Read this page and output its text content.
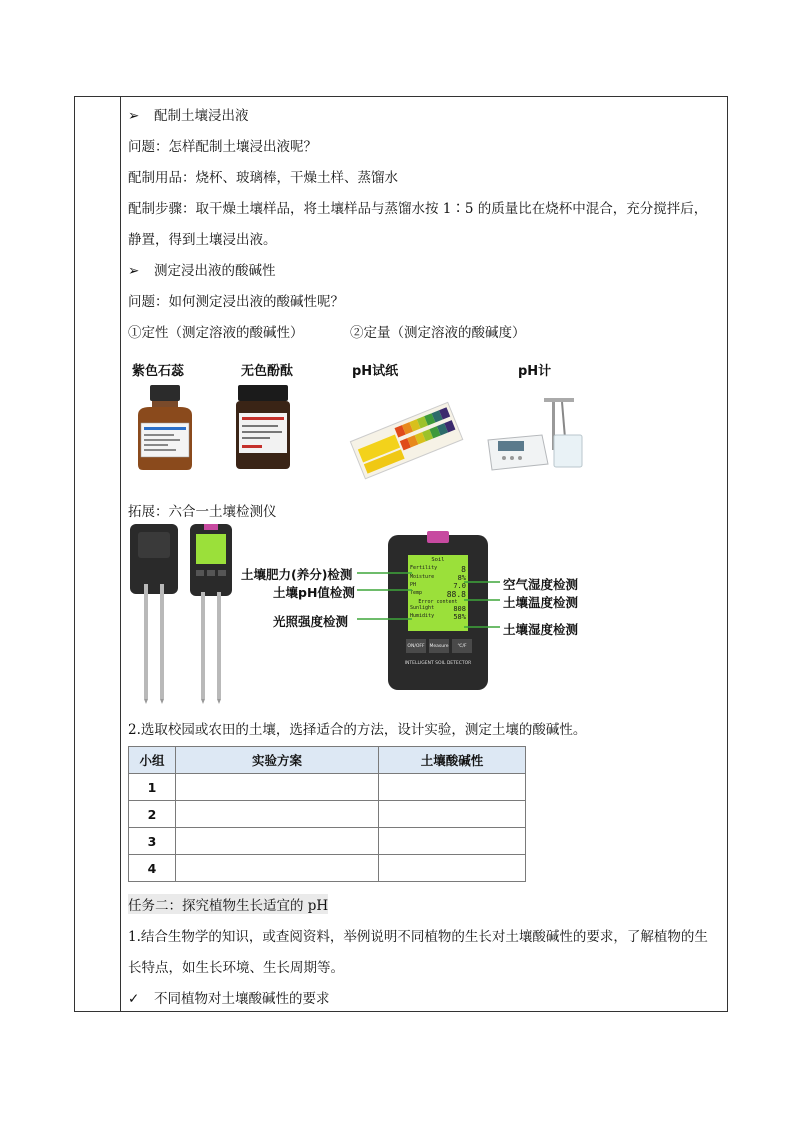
➢ 配制土壤浸出液
问题：怎样配制土壤浸出液呢？
配制用品：烧杯、玻璃棒，干燥土样、蒸馏水
配制步骤：取干燥土壤样品，将土壤样品与蒸馏水按 1∶5 的质量比在烧杯中混合，充分搅拌后，
静置，得到土壤浸出液。
➢ 测定浸出液的酸碱性
问题：如何测定浸出液的酸碱性呢？
①定性（测定溶液的酸碱性）	②定量（测定溶液的酸碱度）
紫色石蕊	无色酚酞	pH试纸	pH计
拓展：六合一土壤检测仪
2.选取校园或农田的土壤，选择适合的方法，设计实验，测定土壤的酸碱性。
任务二：探究植物生长适宜的 pH
1.结合生物学的知识，或查阅资料，举例说明不同植物的生长对土壤酸碱性的要求，了解植物的生
长特点，如生长环境、生长周期等。
✓ 不同植物对土壤酸碱性的要求
Soil
Fertility	8
Moisture	8%
PH	7.0
Temp	88.8
Error content
Sunlight	808
Humidity	58%
ON/OFF	Measure	℃/F
INTELLIGENT SOIL DETECTOR
土壤肥力(养分)检测
土壤pH值检测
光照强度检测
空气湿度检测
土壤温度检测
土壤湿度检测
小组	实验方案	土壤酸碱性
1		
2		
3		
4		
